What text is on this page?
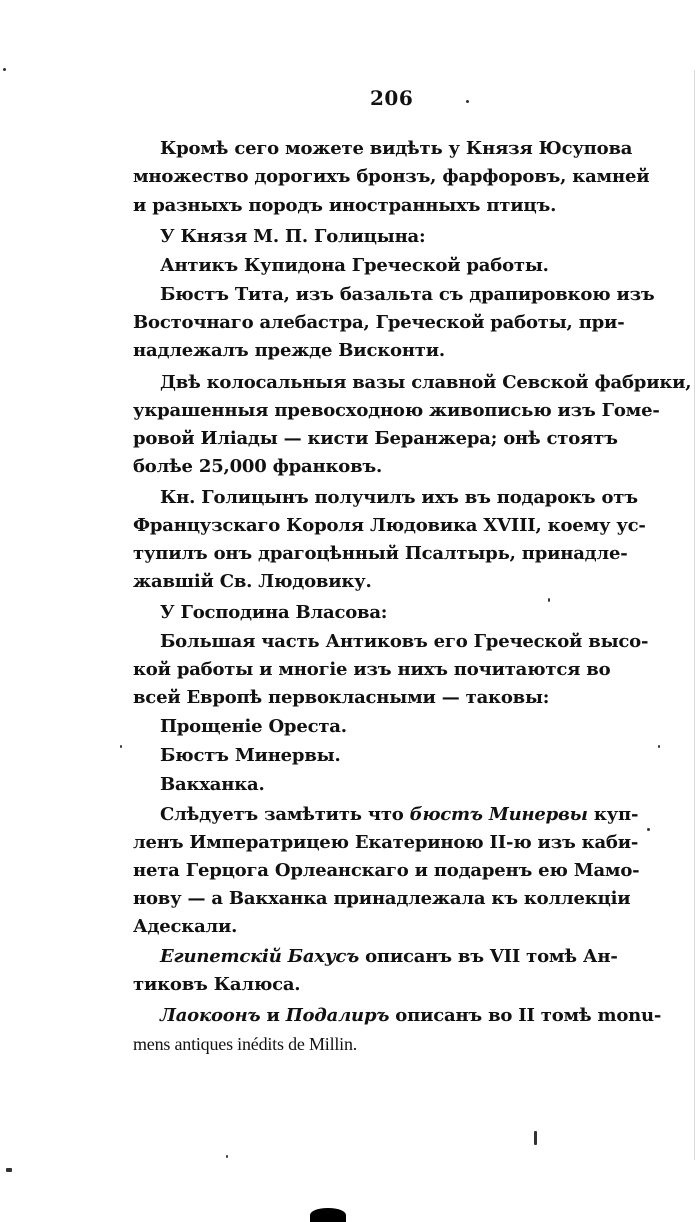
206
Кромѣ сего можете видѣть у Князя Юсупова
множество дорогихъ бронзъ, фарфоровъ, камней
и разныхъ породъ иностранныхъ птицъ.
У Князя М. П. Голицына:
Антикъ Купидона Греческой работы.
Бюстъ Тита, изъ базальта съ драпировкою изъ
Восточнаго алебастра, Греческой работы, при-
надлежалъ прежде Висконти.
Двѣ колосальныя вазы славной Севской фабрики,
украшенныя превосходною живописью изъ Гоме-
ровой Иліады — кисти Беранжера; онѣ стоятъ
болѣе 25,000 франковъ.
Кн. Голицынъ получилъ ихъ въ подарокъ отъ
Французскаго Короля Людовика XVIII, коему ус-
тупилъ онъ драгоцѣнный Псалтырь, принадле-
жавшій Св. Людовику.
У Господина Власова:
Большая часть Антиковъ его Греческой высо-
кой работы и многіе изъ нихъ почитаются во
всей Европѣ первокласными — таковы:
Прощеніе Ореста.
Бюстъ Минервы.
Вакханка.
Слѣдуетъ замѣтить что бюстъ Минервы куп-
ленъ Императрицею Екатериною II-ю изъ каби-
нета Герцога Орлеанскаго и подаренъ ею Мамо-
нову — а Вакханка принадлежала къ коллекціи
Адескали.
Египетскій Бахусъ описанъ въ VII томѣ Ан-
тиковъ Калюса.
Лаокоонъ и Подалиръ описанъ во II томѣ monu-
mens antiques inédits de Millin.
